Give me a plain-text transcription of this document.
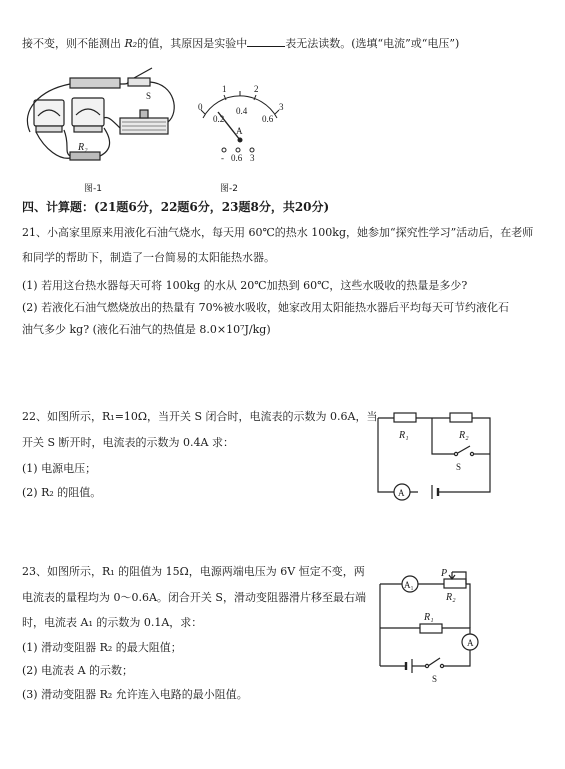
接不变，则不能测出 R₂的值，其原因是实验中	表无法读数。(选填“电流”或“电压”)
S
R₂
图-1
0
1	2
3
0.2
0.4
0.6
A
- 0.6 3
图-2
四、计算题：(21题6分，22题6分，23题8分，共20分)
21、小高家里原来用液化石油气烧水，每天用 60℃的热水 100kg，她参加“探究性学习”活动后，在老师
和同学的帮助下，制造了一台简易的太阳能热水器。
(1) 若用这台热水器每天可将 100kg 的水从 20℃加热到 60℃，这些水吸收的热量是多少?
(2) 若液化石油气燃烧放出的热量有 70%被水吸收，她家改用太阳能热水器后平均每天可节约液化石
油气多少 kg? (液化石油气的热值是 8.0×10⁷J/kg)
22、如图所示，R₁=10Ω，当开关 S 闭合时，电流表的示数为 0.6A，当
开关 S 断开时，电流表的示数为 0.4A 求：
(1) 电源电压；
(2) R₂ 的阻值。
R₁	R₂
S
A
23、如图所示，R₁ 的阻值为 15Ω，电源两端电压为 6V 恒定不变，两
电流表的量程均为 0～0.6A。闭合开关 S，滑动变阻器滑片移至最右端
时，电流表 A₁ 的示数为 0.1A，求：
(1) 滑动变阻器 R₂ 的最大阻值；
(2) 电流表 A 的示数；
(3) 滑动变阻器 R₂ 允许连入电路的最小阻值。
A₁
P
R₂
R₁
A
S
